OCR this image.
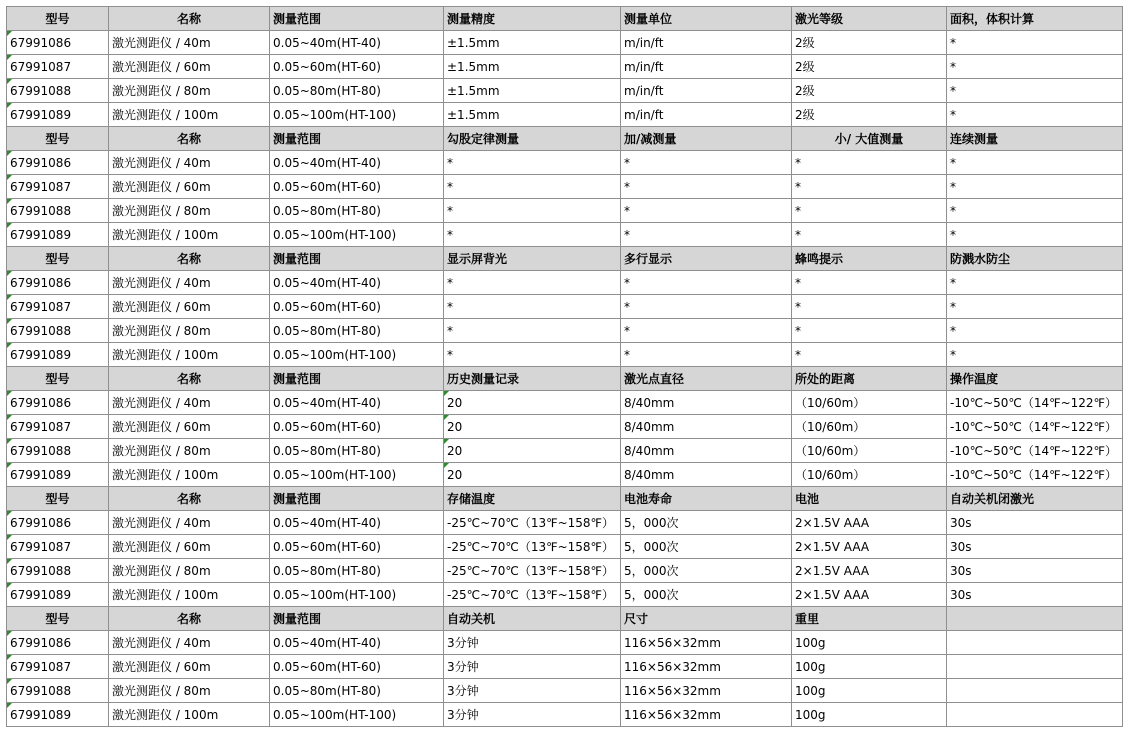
型号	名称	测量范围	测量精度	测量单位	激光等级	面积，体积计算

67991086	激光测距仪 / 40m	0.05~40m(HT-40)	±1.5mm	m/in/ft	2级	*

67991087	激光测距仪 / 60m	0.05~60m(HT-60)	±1.5mm	m/in/ft	2级	*

67991088	激光测距仪 / 80m	0.05~80m(HT-80)	±1.5mm	m/in/ft	2级	*

67991089	激光测距仪 / 100m	0.05~100m(HT-100)	±1.5mm	m/in/ft	2级	*
型号	名称	测量范围	勾股定律测量	加/减测量	小/ 大值测量	连续测量

67991086	激光测距仪 / 40m	0.05~40m(HT-40)	*	*	*	*

67991087	激光测距仪 / 60m	0.05~60m(HT-60)	*	*	*	*

67991088	激光测距仪 / 80m	0.05~80m(HT-80)	*	*	*	*

67991089	激光测距仪 / 100m	0.05~100m(HT-100)	*	*	*	*
型号	名称	测量范围	显示屏背光	多行显示	蜂鸣提示	防溅水防尘

67991086	激光测距仪 / 40m	0.05~40m(HT-40)	*	*	*	*

67991087	激光测距仪 / 60m	0.05~60m(HT-60)	*	*	*	*

67991088	激光测距仪 / 80m	0.05~80m(HT-80)	*	*	*	*

67991089	激光测距仪 / 100m	0.05~100m(HT-100)	*	*	*	*
型号	名称	测量范围	历史测量记录	激光点直径	所处的距离	操作温度

67991086	激光测距仪 / 40m	0.05~40m(HT-40)	20	8/40mm	（10/60m）	-10℃~50℃（14℉~122℉）

67991087	激光测距仪 / 60m	0.05~60m(HT-60)	20	8/40mm	（10/60m）	-10℃~50℃（14℉~122℉）

67991088	激光测距仪 / 80m	0.05~80m(HT-80)	20	8/40mm	（10/60m）	-10℃~50℃（14℉~122℉）

67991089	激光测距仪 / 100m	0.05~100m(HT-100)	20	8/40mm	（10/60m）	-10℃~50℃（14℉~122℉）
型号	名称	测量范围	存储温度	电池寿命	电池	自动关机闭激光

67991086	激光测距仪 / 40m	0.05~40m(HT-40)	-25℃~70℃（13℉~158℉）	5，000次	2×1.5V AAA	30s

67991087	激光测距仪 / 60m	0.05~60m(HT-60)	-25℃~70℃（13℉~158℉）	5，000次	2×1.5V AAA	30s

67991088	激光测距仪 / 80m	0.05~80m(HT-80)	-25℃~70℃（13℉~158℉）	5，000次	2×1.5V AAA	30s

67991089	激光测距仪 / 100m	0.05~100m(HT-100)	-25℃~70℃（13℉~158℉）	5，000次	2×1.5V AAA	30s
型号	名称	测量范围	自动关机	尺寸	重里	

67991086	激光测距仪 / 40m	0.05~40m(HT-40)	3分钟	116×56×32mm	100g	

67991087	激光测距仪 / 60m	0.05~60m(HT-60)	3分钟	116×56×32mm	100g	

67991088	激光测距仪 / 80m	0.05~80m(HT-80)	3分钟	116×56×32mm	100g	

67991089	激光测距仪 / 100m	0.05~100m(HT-100)	3分钟	116×56×32mm	100g	
